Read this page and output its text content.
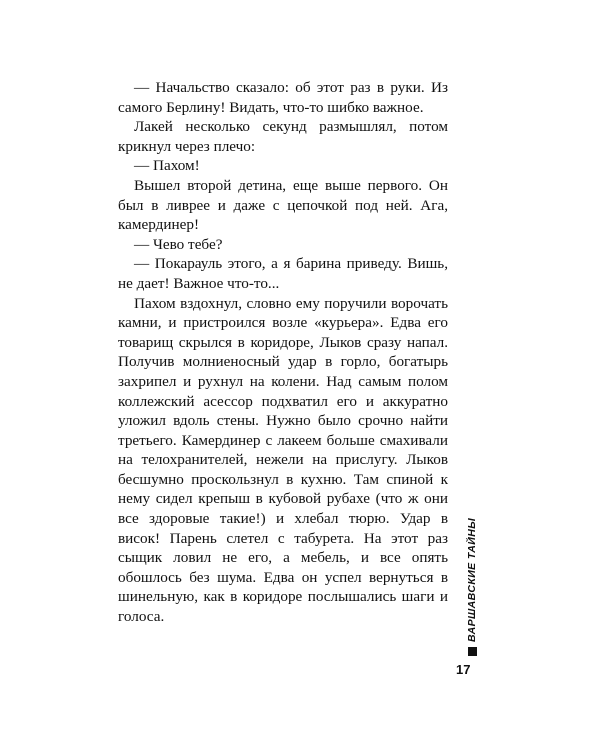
— Начальство сказало: об этот раз в руки. Из самого Берлину! Видать, что-то шибко важное.

Лакей несколько секунд размышлял, потом крикнул через плечо:

— Пахом!

Вышел второй детина, еще выше первого. Он был в ливрее и даже с цепочкой под ней. Ага, камердинер!

— Чево тебе?

— Покарауль этого, а я барина приведу. Вишь, не дает! Важное что-то...

Пахом вздохнул, словно ему поручили ворочать камни, и пристроился возле «курьера». Едва его товарищ скрылся в коридоре, Лыков сразу напал. Получив молниеносный удар в горло, богатырь захрипел и рухнул на колени. Над самым полом коллежский асессор подхватил его и аккуратно уложил вдоль стены. Нужно было срочно найти третьего. Камердинер с лакеем больше смахивали на телохранителей, нежели на прислугу. Лыков бесшумно проскользнул в кухню. Там спиной к нему сидел крепыш в кубовой рубахе (что ж они все здоровые такие!) и хлебал тюрю. Удар в висок! Парень слетел с табурета. На этот раз сыщик ловил не его, а мебель, и все опять обошлось без шума. Едва он успел вернуться в шинельную, как в коридоре послышались шаги и голоса.	ВАРШАВСКИЕ ТАЙНЫ
17
